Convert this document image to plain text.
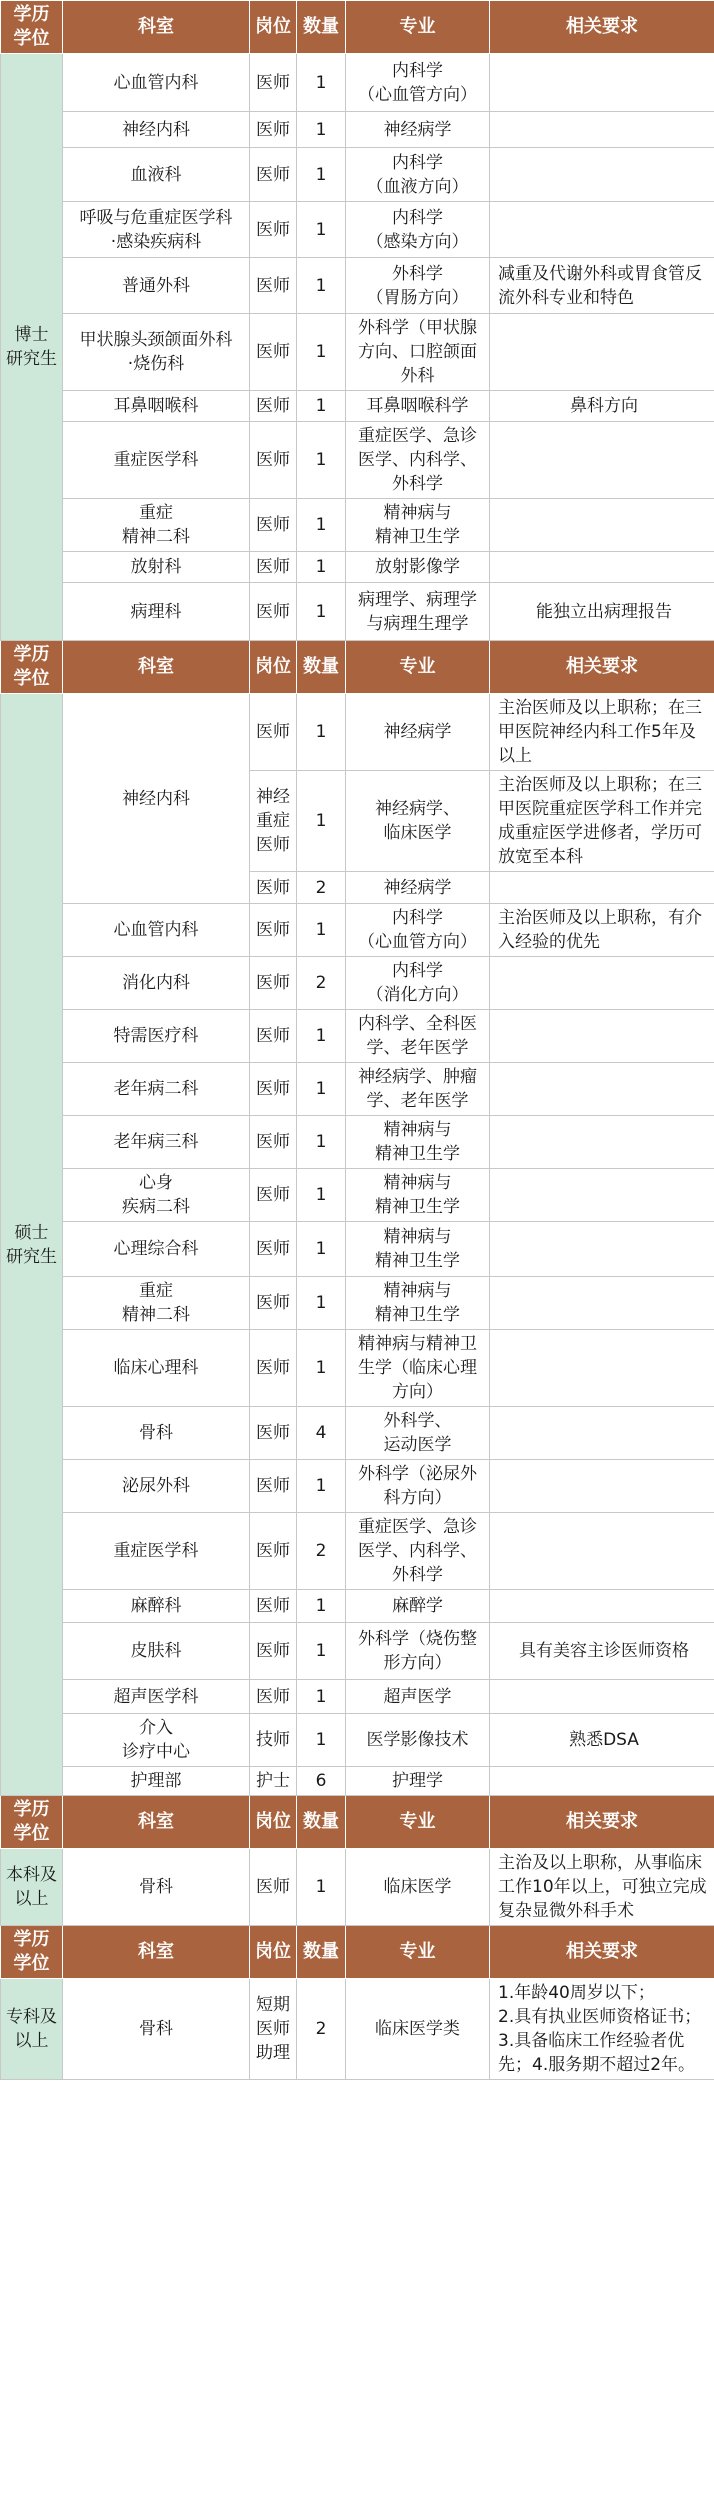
学历
学位	科室	岗位	数量	专业	相关要求

博士
研究生	心血管内科	医师	1	内科学
（心血管方向）	

	神经内科	医师	1	神经病学	
	血液科	医师	1	内科学
（血液方向）	

	呼吸与危重症医学科
·感染疾病科	医师	1	内科学
（感染方向）	

	普通外科	医师	1	外科学
（胃肠方向）	减重及代谢外科或胃食管反流外科专业和特色

	甲状腺头颈颌面外科
·烧伤科	医师	1	外科学（甲状腺方向、口腔颌面外科	
	耳鼻咽喉科	医师	1	耳鼻咽喉科学	鼻科方向
	重症医学科	医师	1	重症医学、急诊医学、内科学、外科学	

	重症
精神二科	医师	1	精神病与
精神卫生学	

	放射科	医师	1	放射影像学	
	病理科	医师	1	病理学、病理学与病理生理学	能独立出病理报告

学历
学位	科室	岗位	数量	专业	相关要求

硕士
研究生	神经内科	医师	1	神经病学	主治医师及以上职称；在三甲医院神经内科工作5年及以上
		神经重症医师	1	神经病学、
临床医学	主治医师及以上职称；在三甲医院重症医学科工作并完成重症医学进修者，学历可放宽至本科
		医师	2	神经病学	
	心血管内科	医师	1	内科学
（心血管方向）	主治医师及以上职称，有介入经验的优先
	消化内科	医师	2	内科学
（消化方向）	

	特需医疗科	医师	1	内科学、全科医学、老年医学	
	老年病二科	医师	1	神经病学、肿瘤学、老年医学	
	老年病三科	医师	1	精神病与
精神卫生学	

	心身
疾病二科	医师	1	精神病与
精神卫生学	

	心理综合科	医师	1	精神病与
精神卫生学	

	重症
精神二科	医师	1	精神病与
精神卫生学	

	临床心理科	医师	1	精神病与精神卫生学（临床心理方向）	
	骨科	医师	4	外科学、
运动医学	

	泌尿外科	医师	1	外科学（泌尿外科方向）	
	重症医学科	医师	2	重症医学、急诊医学、内科学、外科学	
	麻醉科	医师	1	麻醉学	
	皮肤科	医师	1	外科学（烧伤整形方向）	具有美容主诊医师资格
	超声医学科	医师	1	超声医学	

	介入
诊疗中心	技师	1	医学影像技术	熟悉DSA
	护理部	护士	6	护理学	

学历
学位	科室	岗位	数量	专业	相关要求

本科及
以上	骨科	医师	1	临床医学	主治及以上职称，从事临床工作10年以上，可独立完成复杂显微外科手术

学历
学位	科室	岗位	数量	专业	相关要求

专科及
以上	骨科	短期医师助理	2	临床医学类	1.年龄40周岁以下；
2.具有执业医师资格证书；
3.具备临床工作经验者优先；4.服务期不超过2年。
